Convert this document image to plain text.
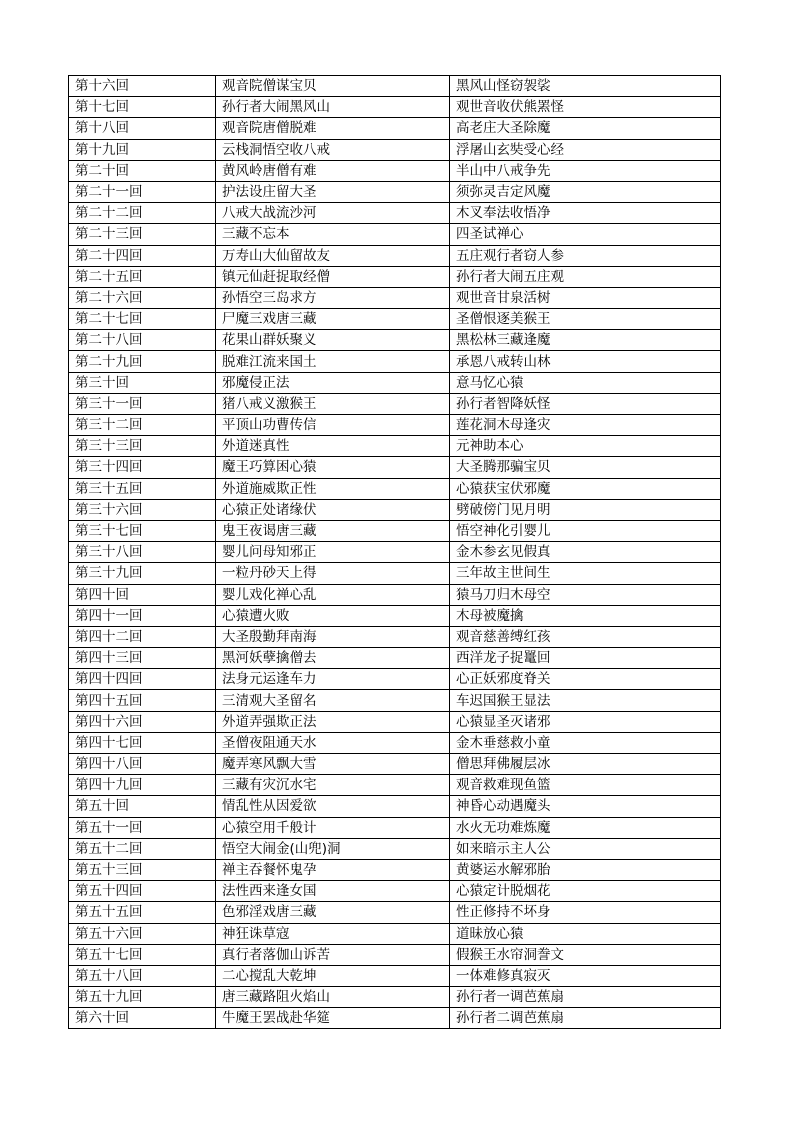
第十六回	观音院僧谋宝贝	黑风山怪窃袈裟
第十七回	孙行者大闹黑风山	观世音收伏熊罴怪
第十八回	观音院唐僧脱难	高老庄大圣除魔
第十九回	云栈洞悟空收八戒	浮屠山玄奘受心经
第二十回	黄风岭唐僧有难	半山中八戒争先
第二十一回	护法设庄留大圣	须弥灵吉定风魔
第二十二回	八戒大战流沙河	木叉奉法收悟净
第二十三回	三藏不忘本	四圣试禅心
第二十四回	万寿山大仙留故友	五庄观行者窃人参
第二十五回	镇元仙赶捉取经僧	孙行者大闹五庄观
第二十六回	孙悟空三岛求方	观世音甘泉活树
第二十七回	尸魔三戏唐三藏	圣僧恨逐美猴王
第二十八回	花果山群妖聚义	黑松林三藏逢魔
第二十九回	脱难江流来国土	承恩八戒转山林
第三十回	邪魔侵正法	意马忆心猿
第三十一回	猪八戒义激猴王	孙行者智降妖怪
第三十二回	平顶山功曹传信	莲花洞木母逢灾
第三十三回	外道迷真性	元神助本心
第三十四回	魔王巧算困心猿	大圣腾那骗宝贝
第三十五回	外道施威欺正性	心猿获宝伏邪魔
第三十六回	心猿正处诸缘伏	劈破傍门见月明
第三十七回	鬼王夜谒唐三藏	悟空神化引婴儿
第三十八回	婴儿问母知邪正	金木参玄见假真
第三十九回	一粒丹砂天上得	三年故主世间生
第四十回	婴儿戏化禅心乱	猿马刀归木母空
第四十一回	心猿遭火败	木母被魔擒
第四十二回	大圣殷勤拜南海	观音慈善缚红孩
第四十三回	黑河妖孽擒僧去	西洋龙子捉鼍回
第四十四回	法身元运逢车力	心正妖邪度脊关
第四十五回	三清观大圣留名	车迟国猴王显法
第四十六回	外道弄强欺正法	心猿显圣灭诸邪
第四十七回	圣僧夜阻通天水	金木垂慈救小童
第四十八回	魔弄寒风飘大雪	僧思拜佛履层冰
第四十九回	三藏有灾沉水宅	观音救难现鱼篮
第五十回	情乱性从因爱欲	神昏心动遇魔头
第五十一回	心猿空用千般计	水火无功难炼魔
第五十二回	悟空大闹金(山兜)洞	如来暗示主人公
第五十三回	禅主吞餐怀鬼孕	黄婆运水解邪胎
第五十四回	法性西来逢女国	心猿定计脱烟花
第五十五回	色邪淫戏唐三藏	性正修持不坏身
第五十六回	神狂诛草寇	道昧放心猿
第五十七回	真行者落伽山诉苦	假猴王水帘洞誊文
第五十八回	二心搅乱大乾坤	一体难修真寂灭
第五十九回	唐三藏路阻火焰山	孙行者一调芭蕉扇
第六十回	牛魔王罢战赴华筵	孙行者二调芭蕉扇
